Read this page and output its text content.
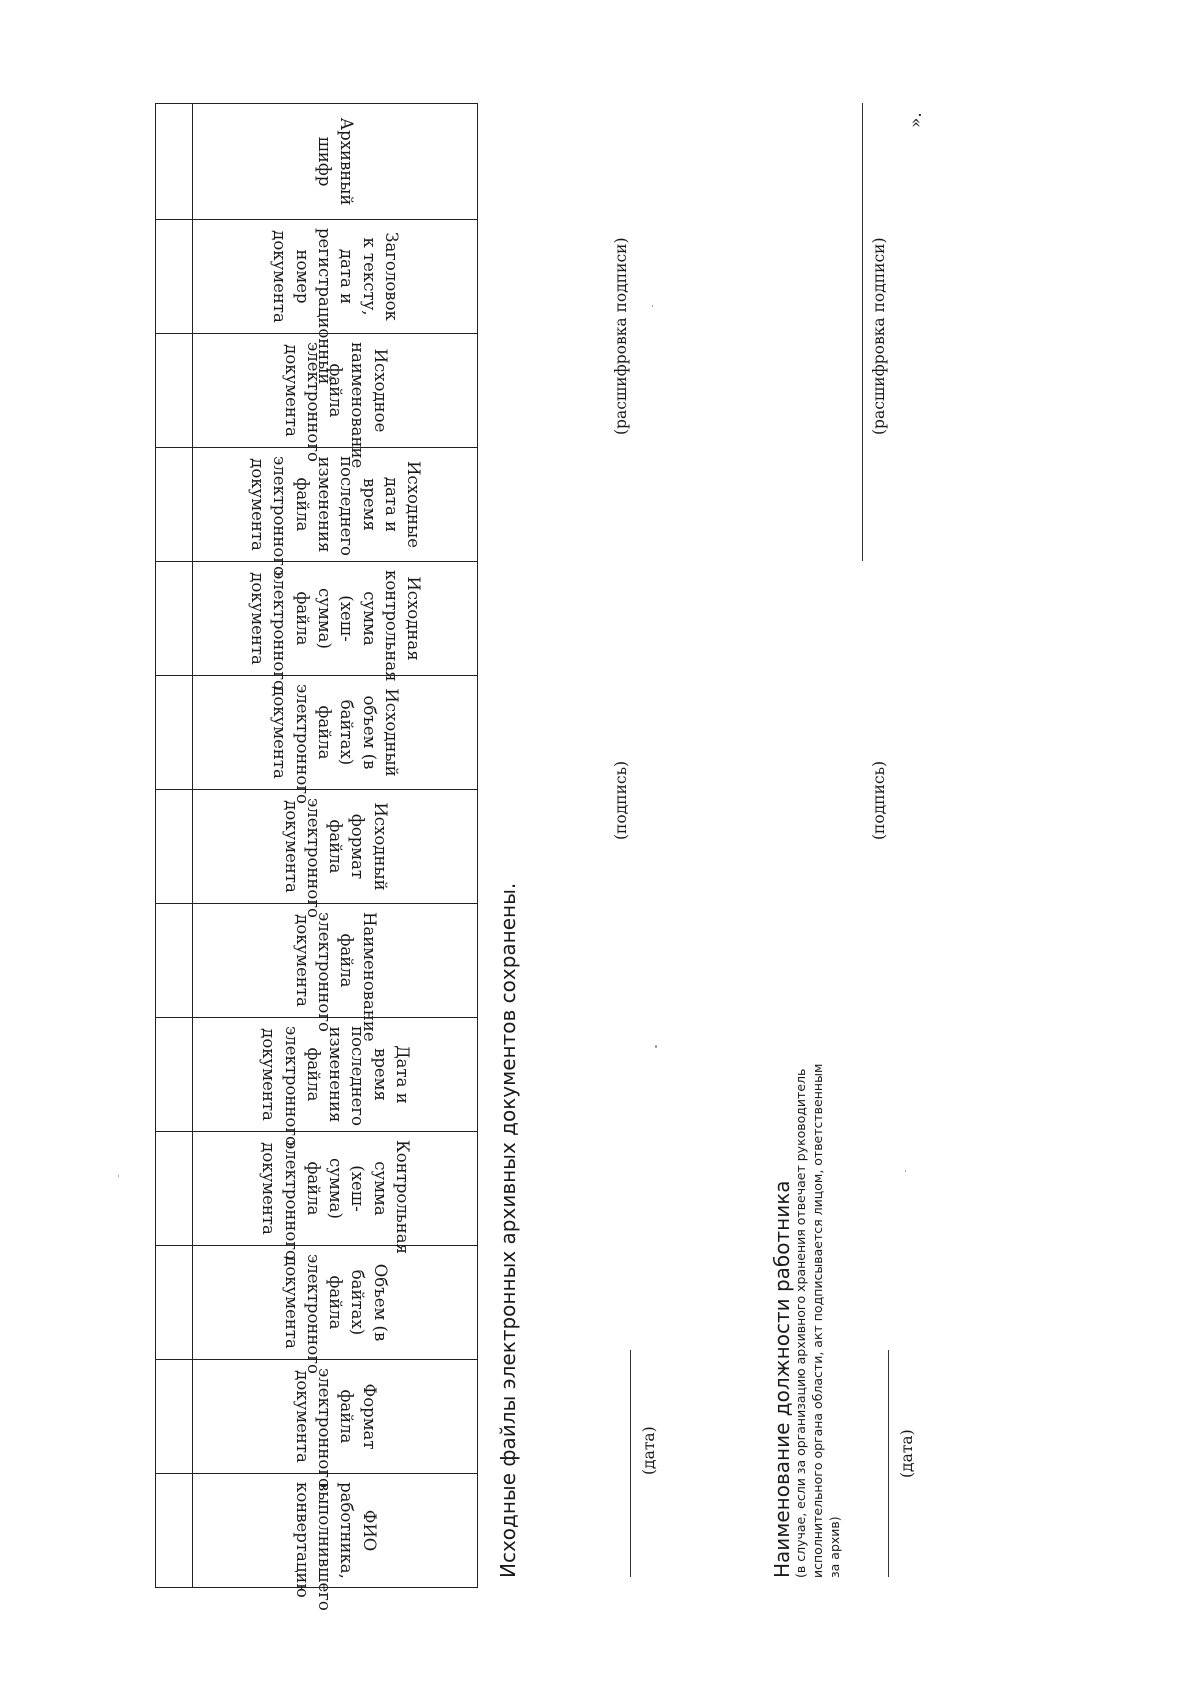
Архивный шифр	Заголовок к тексту, дата и регистрационный номер документа	Исходное наименование файла электронного документа	Исходные дата и время последнего изменения файла электронного документа	Исходная контрольная сумма (хеш-сумма) файла электронного документа	Исходный объем (в байтах) файла электронного документа	Исходный формат файла электронного документа	Наименование файла электронного документа	Дата и время последнего изменения файла электронного документа	Контрольная сумма (хеш-сумма) файла электронного документа	Объем (в байтах) файла электронного документа	Формат файла электронного документа	ФИО работника, выполнившего конвертацию
													Исходные файлы электронных архивных документов сохранены.	(дата)
(подпись)
(расшифровка подписи)
Наименование должности работника (в случае, если за организацию архивного хранения отвечает руководитель исполнительного органа области, акт подписывается лицом, ответственным за архив)
(дата)
(подпись)
(расшифровка подписи)
».
